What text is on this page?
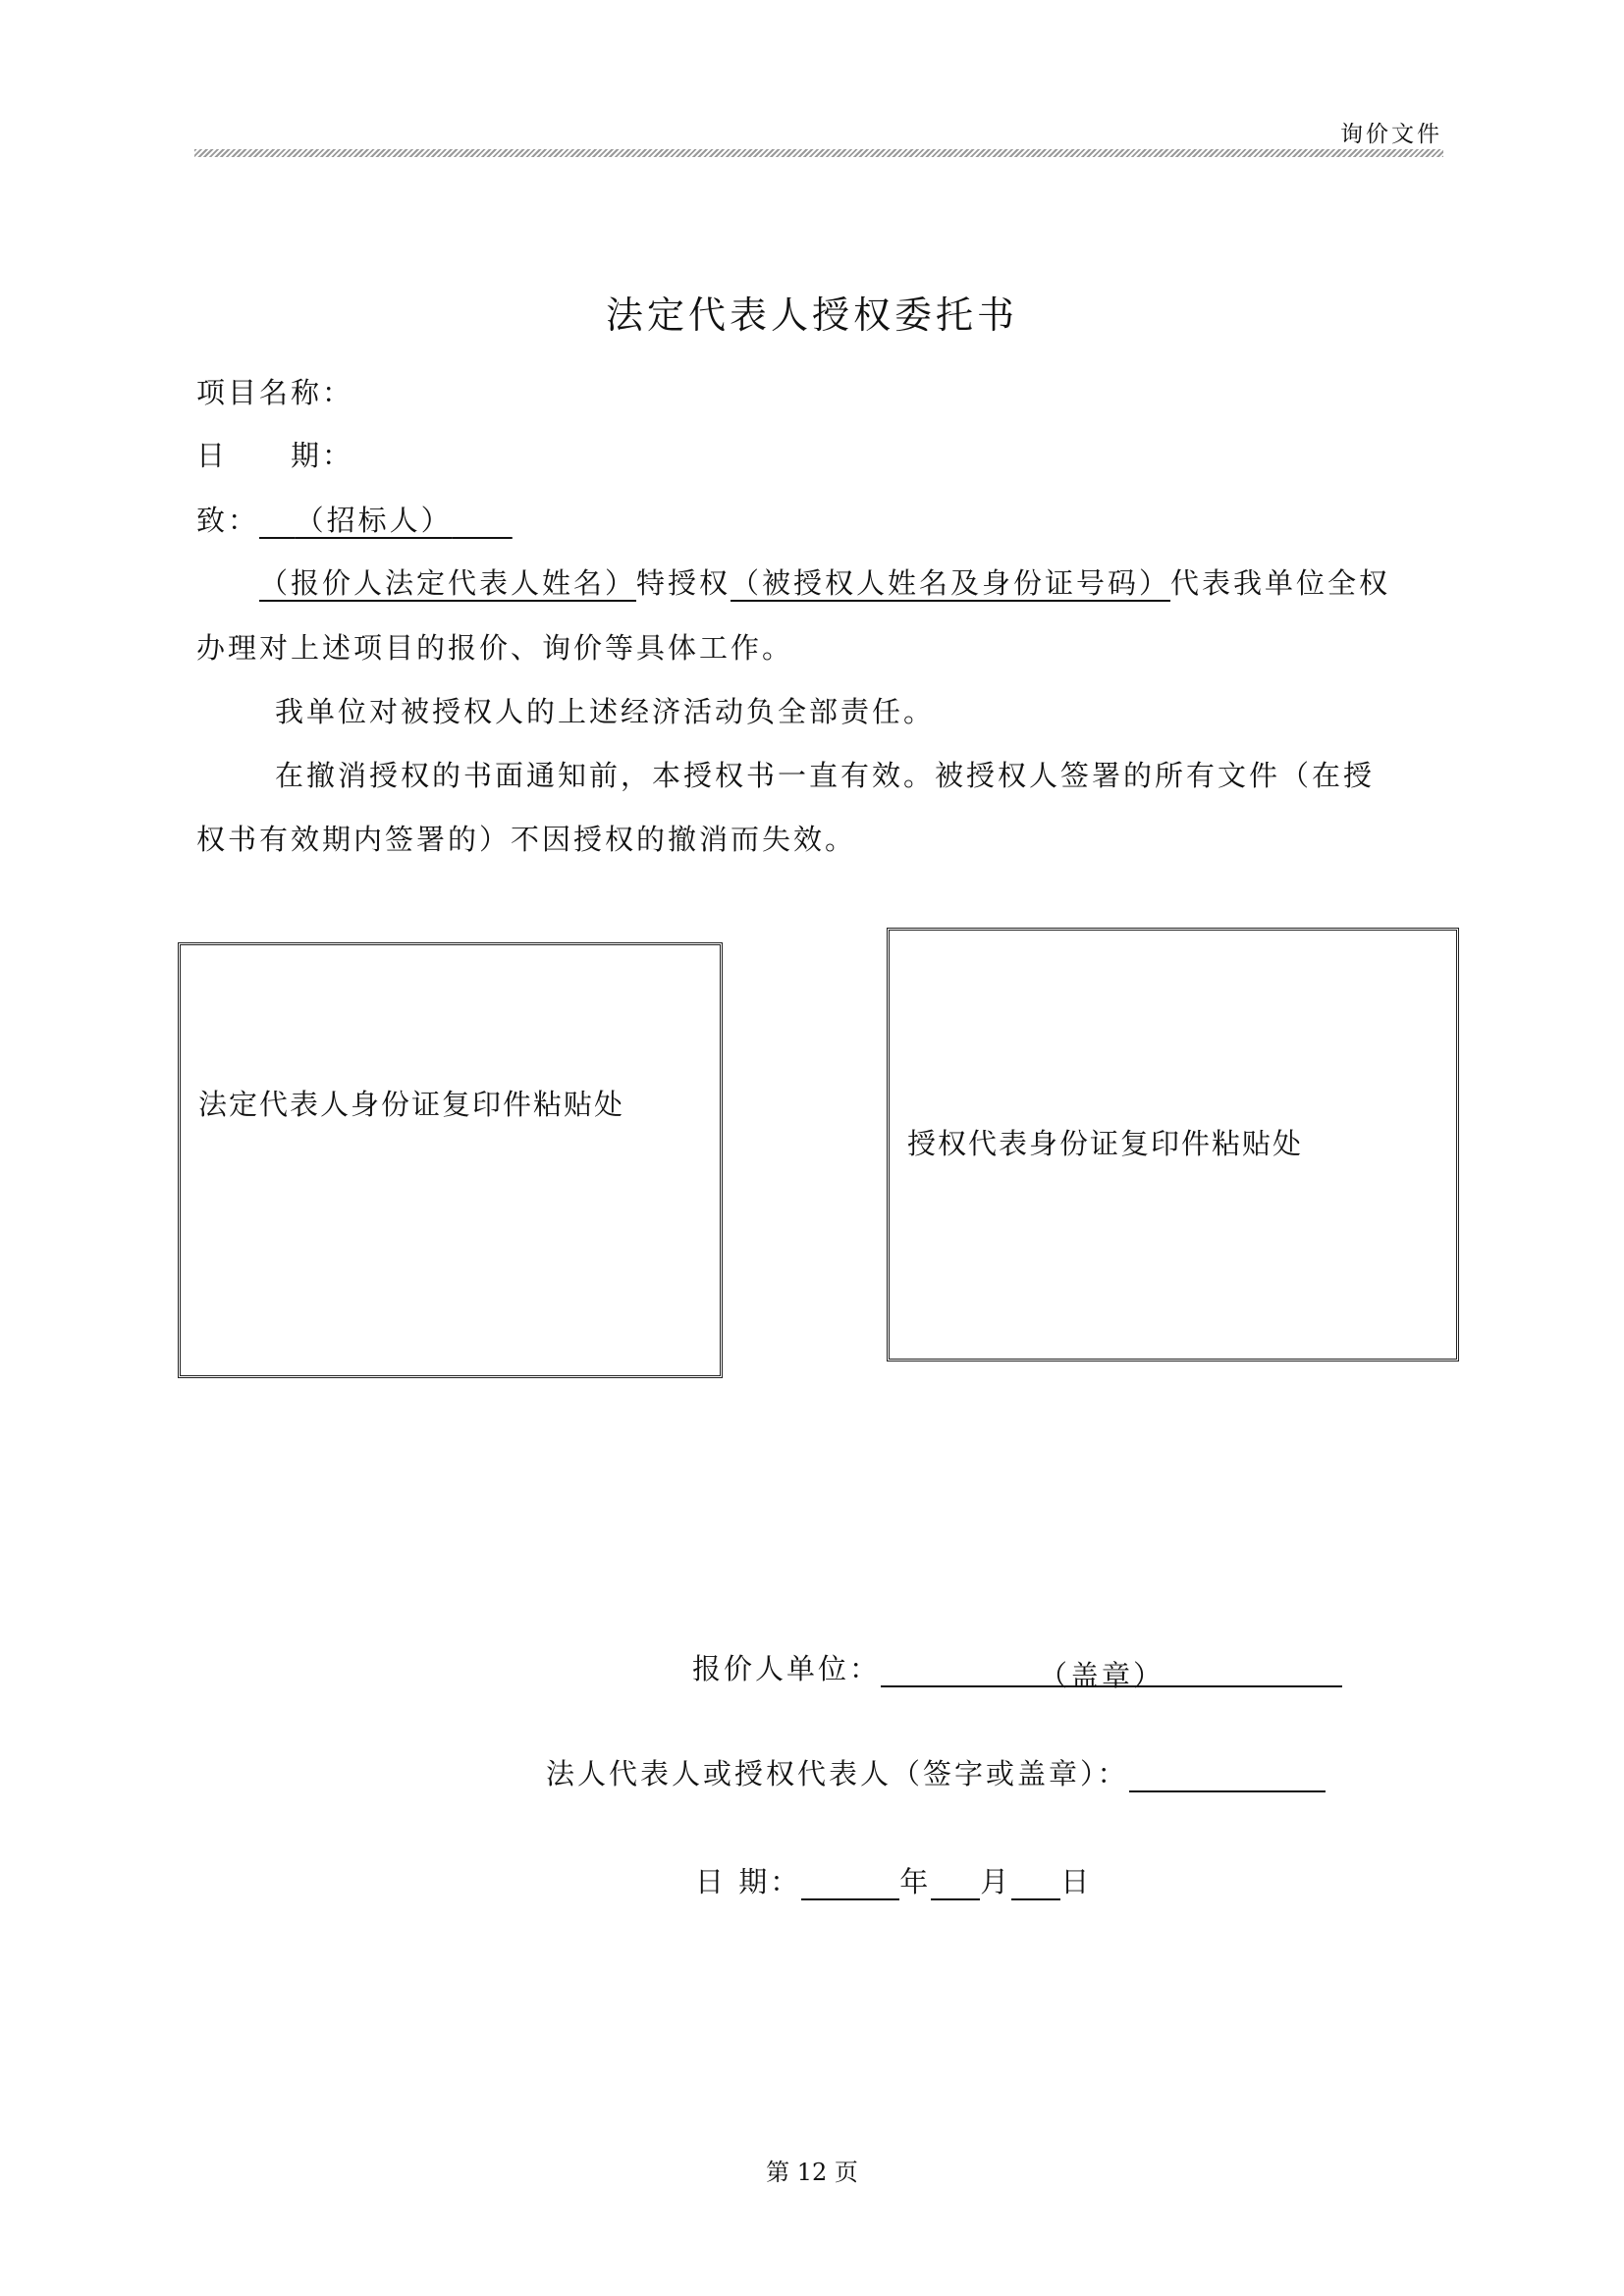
询价文件
法定代表人授权委托书
项目名称：
日 期：
致： （招标人）
（报价人法定代表人姓名）特授权（被授权人姓名及身份证号码）代表我单位全权
办理对上述项目的报价、询价等具体工作。
我单位对被授权人的上述经济活动负全部责任。
在撤消授权的书面通知前，本授权书一直有效。被授权人签署的所有文件（在授
权书有效期内签署的）不因授权的撤消而失效。
法定代表人身份证复印件粘贴处
授权代表身份证复印件粘贴处
报价人单位：	（盖章）
法人代表人或授权代表人（签字或盖章）：
日 期：	年 月 日
第 12 页
